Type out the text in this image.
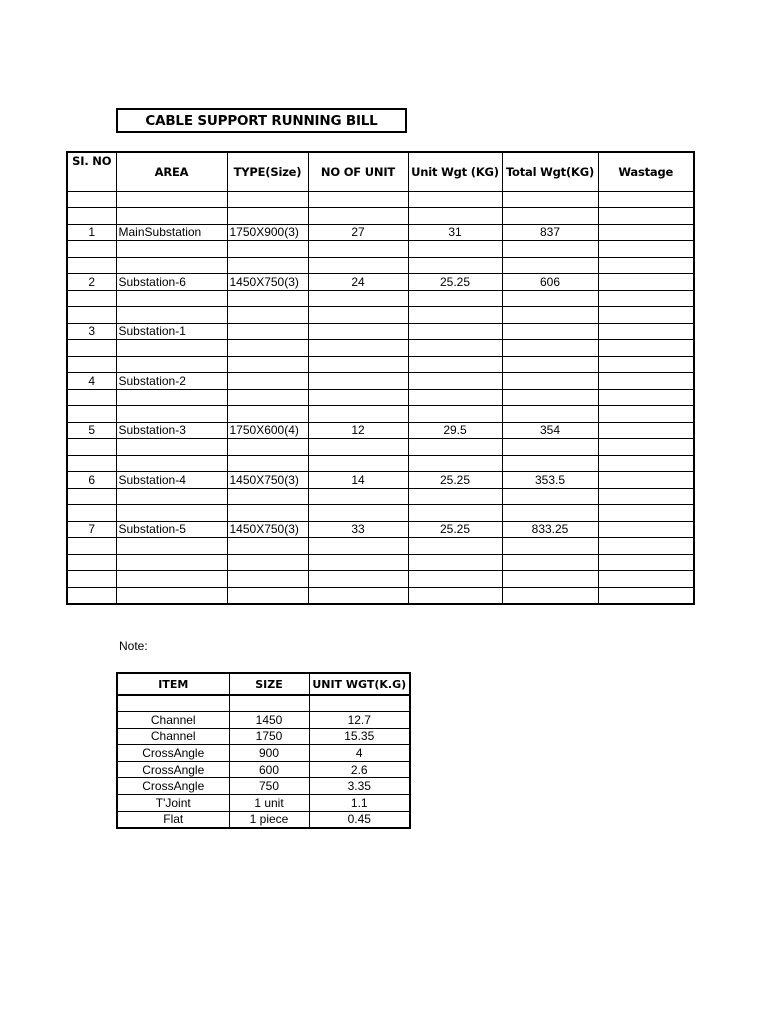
CABLE SUPPORT RUNNING BILL
SI. NO	AREA	TYPE(Size)	NO OF UNIT	Unit Wgt (KG)	Total Wgt(KG)	Wastage

1	MainSubstation	1750X900(3)	27	31	837	

2	Substation-6	1450X750(3)	24	25.25	606	

3	Substation-1					

4	Substation-2					

5	Substation-3	1750X600(4)	12	29.5	354	

6	Substation-4	1450X750(3)	14	25.25	353.5	

7	Substation-5	1450X750(3)	33	25.25	833.25	

Note:
ITEM	SIZE	UNIT WGT(K.G)

Channel	1450	12.7
Channel	1750	15.35
CrossAngle	900	4
CrossAngle	600	2.6
CrossAngle	750	3.35
T'Joint	1 unit	1.1
Flat	1 piece	0.45
